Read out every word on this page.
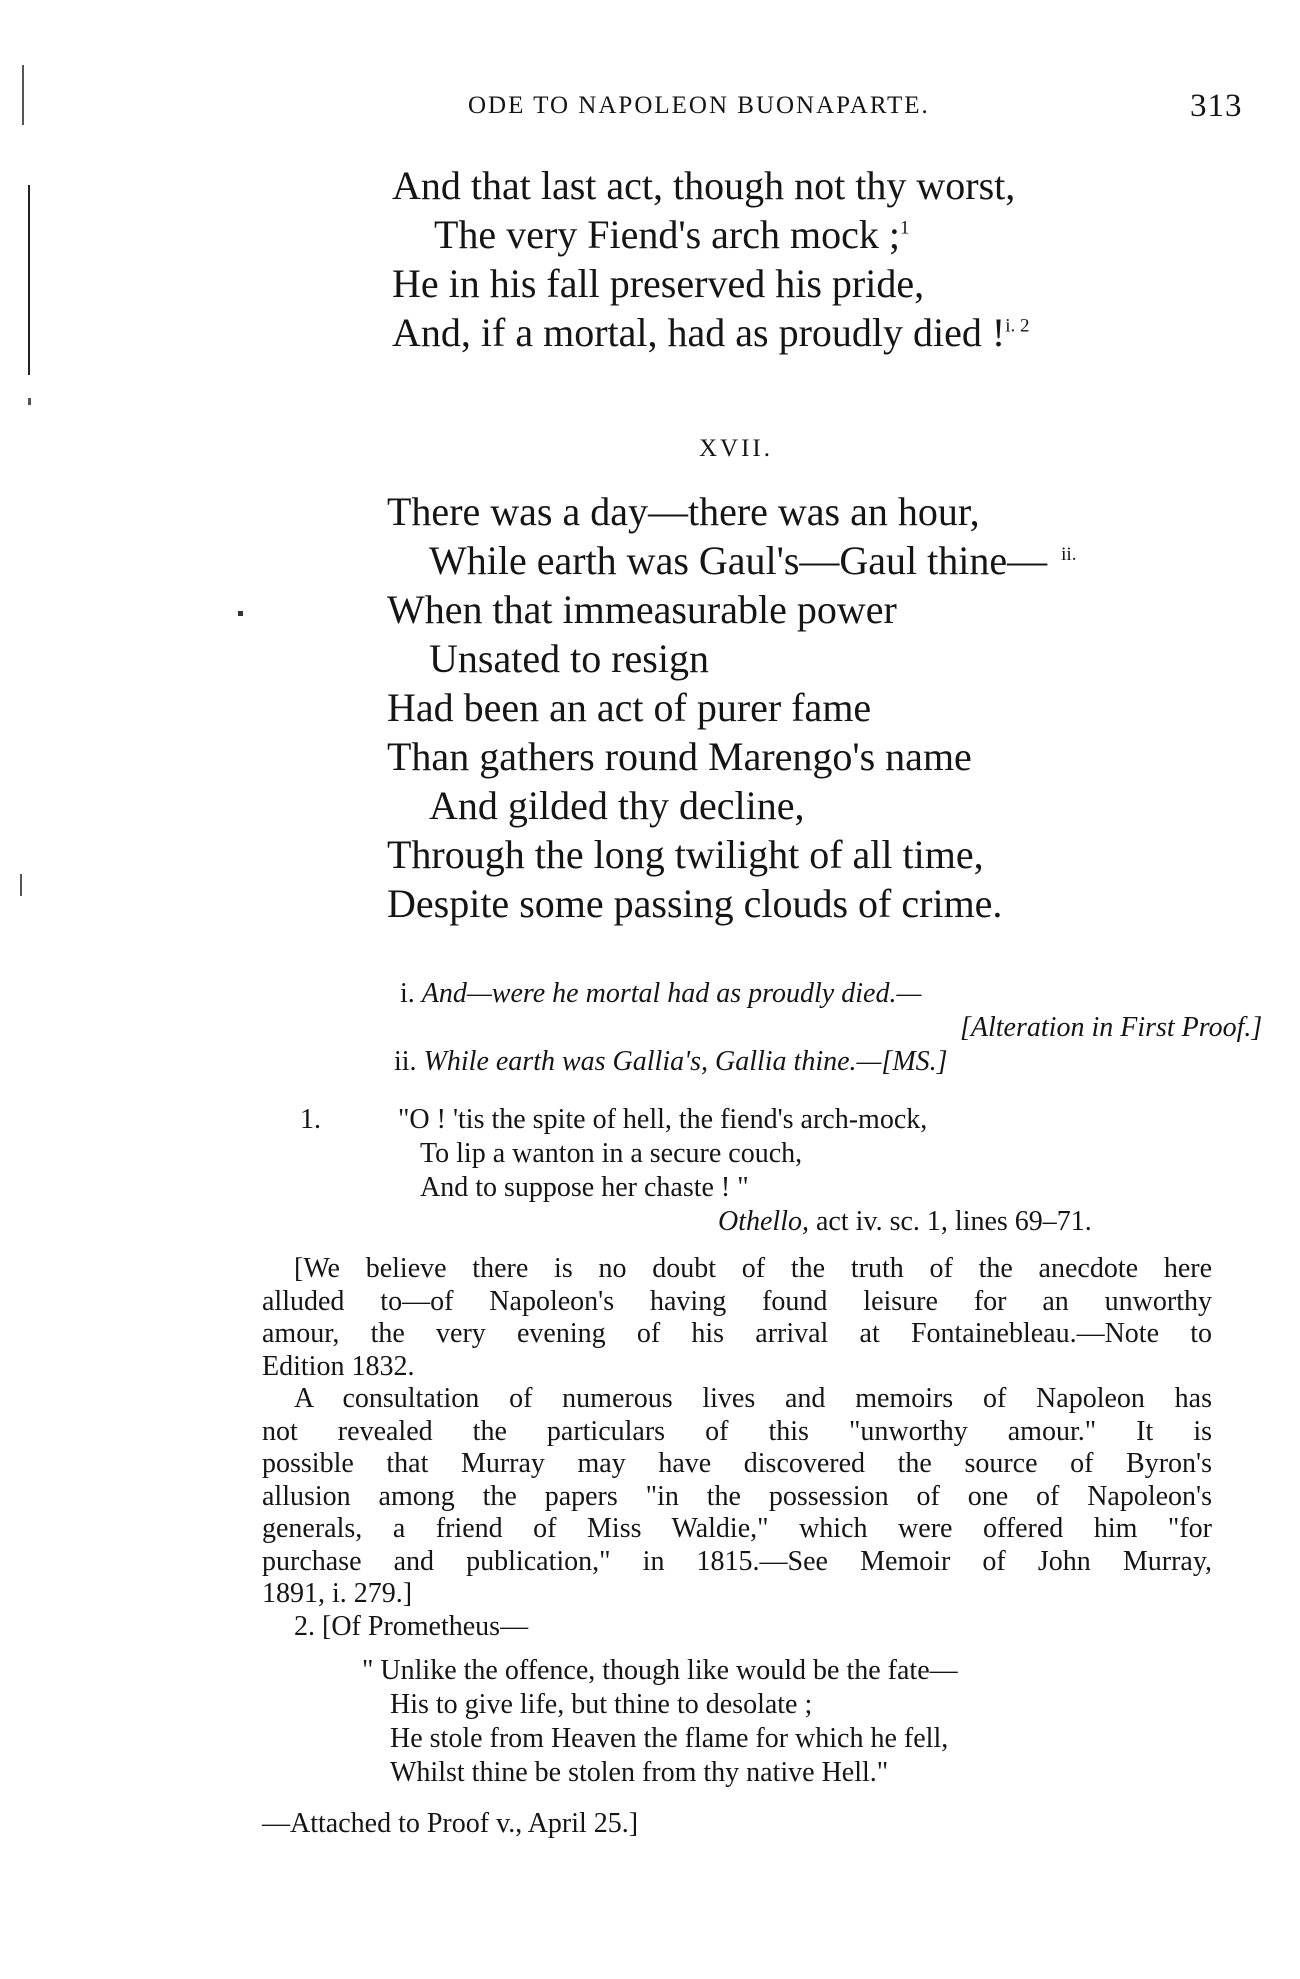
ODE TO NAPOLEON BUONAPARTE.	313
And that last act, though not thy worst,
The very Fiend's arch mock ;$^1$
He in his fall preserved his pride,
And, if a mortal, had as proudly died !$^{i. 2}$
XVII.
There was a day—there was an hour,
While earth was Gaul's—Gaul thine— $^{ii.}$
When that immeasurable power
Unsated to resign
Had been an act of purer fame
Than gathers round Marengo's name
And gilded thy decline,
Through the long twilight of all time,
Despite some passing clouds of crime.
i. And—were he mortal had as proudly died.—
[Alteration in First Proof.]
ii. While earth was Gallia's, Gallia thine.—[MS.]
1.	"O ! 'tis the spite of hell, the fiend's arch-mock,
To lip a wanton in a secure couch,
And to suppose her chaste ! "
Othello, act iv. sc. 1, lines 69–71.
[We believe there is no doubt of the truth of the anecdote here
alluded to—of Napoleon's having found leisure for an unworthy
amour, the very evening of his arrival at Fontainebleau.—Note to
Edition 1832.
A consultation of numerous lives and memoirs of Napoleon has
not revealed the particulars of this "unworthy amour." It is
possible that Murray may have discovered the source of Byron's
allusion among the papers "in the possession of one of Napoleon's
generals, a friend of Miss Waldie," which were offered him "for
purchase and publication," in 1815.—See Memoir of John Murray,
1891, i. 279.]
2. [Of Prometheus—
" Unlike the offence, though like would be the fate—
His to give life, but thine to desolate ;
He stole from Heaven the flame for which he fell,
Whilst thine be stolen from thy native Hell."
—Attached to Proof v., April 25.]
